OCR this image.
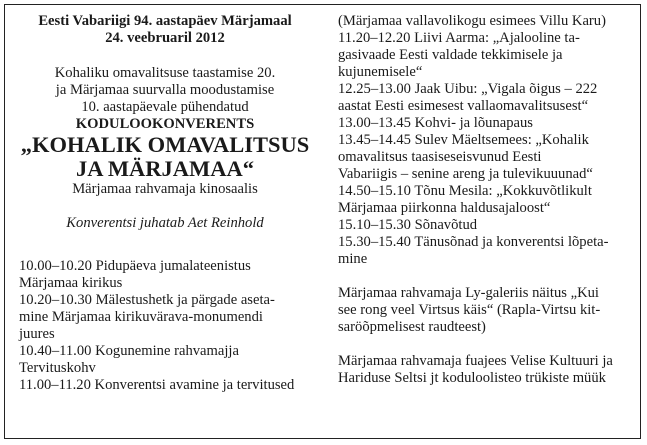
Eesti Vabariigi 94. aastapäev Märjamaal
24. veebruaril 2012
Kohaliku omavalitsuse taastamise 20.
ja Märjamaa suurvalla moodustamise
10. aastapäevale pühendatud
KODULOOKONVERENTS
„KOHALIK OMAVALITSUS
JA MÄRJAMAA“
Märjamaa rahvamaja kinosaalis
Konverentsi juhatab Aet Reinhold
10.00–10.20 Pidupäeva jumalateenistus
Märjamaa kirikus
10.20–10.30 Mälestushetk ja pärgade aseta-
mine Märjamaa kirikuvärava-monumendi
juures
10.40–11.00 Kogunemine rahvamajja
Tervituskohv
11.00–11.20 Konverentsi avamine ja tervitused
(Märjamaa vallavolikogu esimees Villu Karu)
11.20–12.20 Liivi Aarma: „Ajalooline ta-
gasivaade Eesti valdade tekkimisele ja
kujunemisele“
12.25–13.00 Jaak Uibu: „Vigala õigus – 222
aastat Eesti esimesest vallaomavalitsusest“
13.00–13.45 Kohvi- ja lõunapaus
13.45–14.45 Sulev Mäeltsemees: „Kohalik
omavalitsus taasiseseisvunud Eesti
Vabariigis – senine areng ja tulevikuuunad“
14.50–15.10 Tõnu Mesila: „Kokkuvõtlikult
Märjamaa piirkonna haldusajaloost“
15.10–15.30 Sõnavõtud
15.30–15.40 Tänusõnad ja konverentsi lõpeta-
mine
Märjamaa rahvamaja Ly-galeriis näitus „Kui
see rong veel Virtsus käis“ (Rapla-Virtsu kit-
saröõpmelisest raudteest)
Märjamaa rahvamaja fuajees Velise Kultuuri ja
Hariduse Seltsi jt koduloolisteo trükiste müük
